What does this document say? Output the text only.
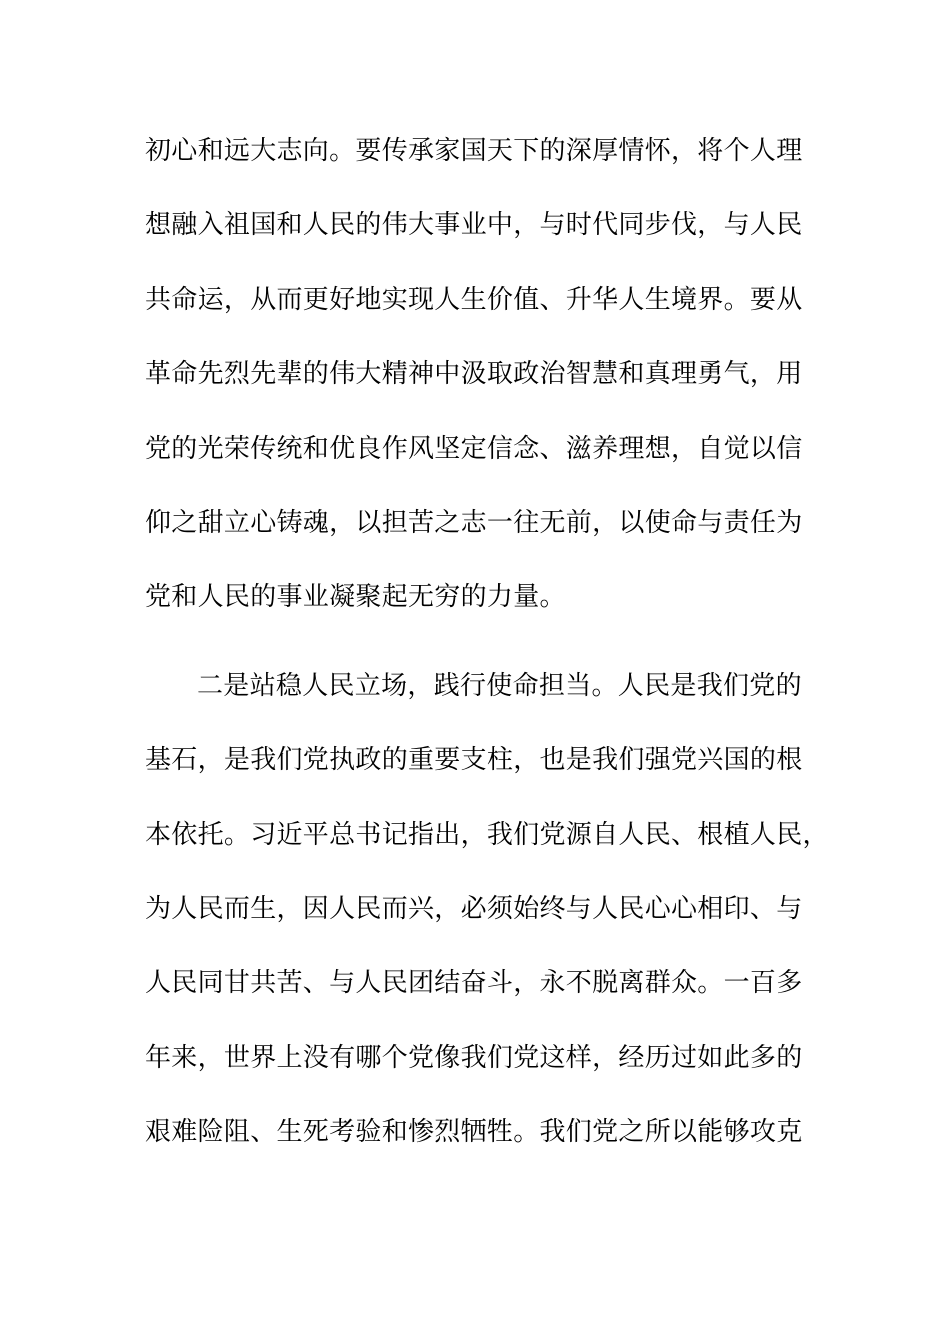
初心和远大志向。要传承家国天下的深厚情怀，将个人理
想融入祖国和人民的伟大事业中，与时代同步伐，与人民
共命运，从而更好地实现人生价值、升华人生境界。要从
革命先烈先辈的伟大精神中汲取政治智慧和真理勇气，用
党的光荣传统和优良作风坚定信念、滋养理想，自觉以信
仰之甜立心铸魂，以担苦之志一往无前，以使命与责任为
党和人民的事业凝聚起无穷的力量。
二是站稳人民立场，践行使命担当。人民是我们党的
基石，是我们党执政的重要支柱，也是我们强党兴国的根
本依托。习近平总书记指出，我们党源自人民、根植人民，
为人民而生，因人民而兴，必须始终与人民心心相印、与
人民同甘共苦、与人民团结奋斗，永不脱离群众。一百多
年来，世界上没有哪个党像我们党这样，经历过如此多的
艰难险阻、生死考验和惨烈牺牲。我们党之所以能够攻克
